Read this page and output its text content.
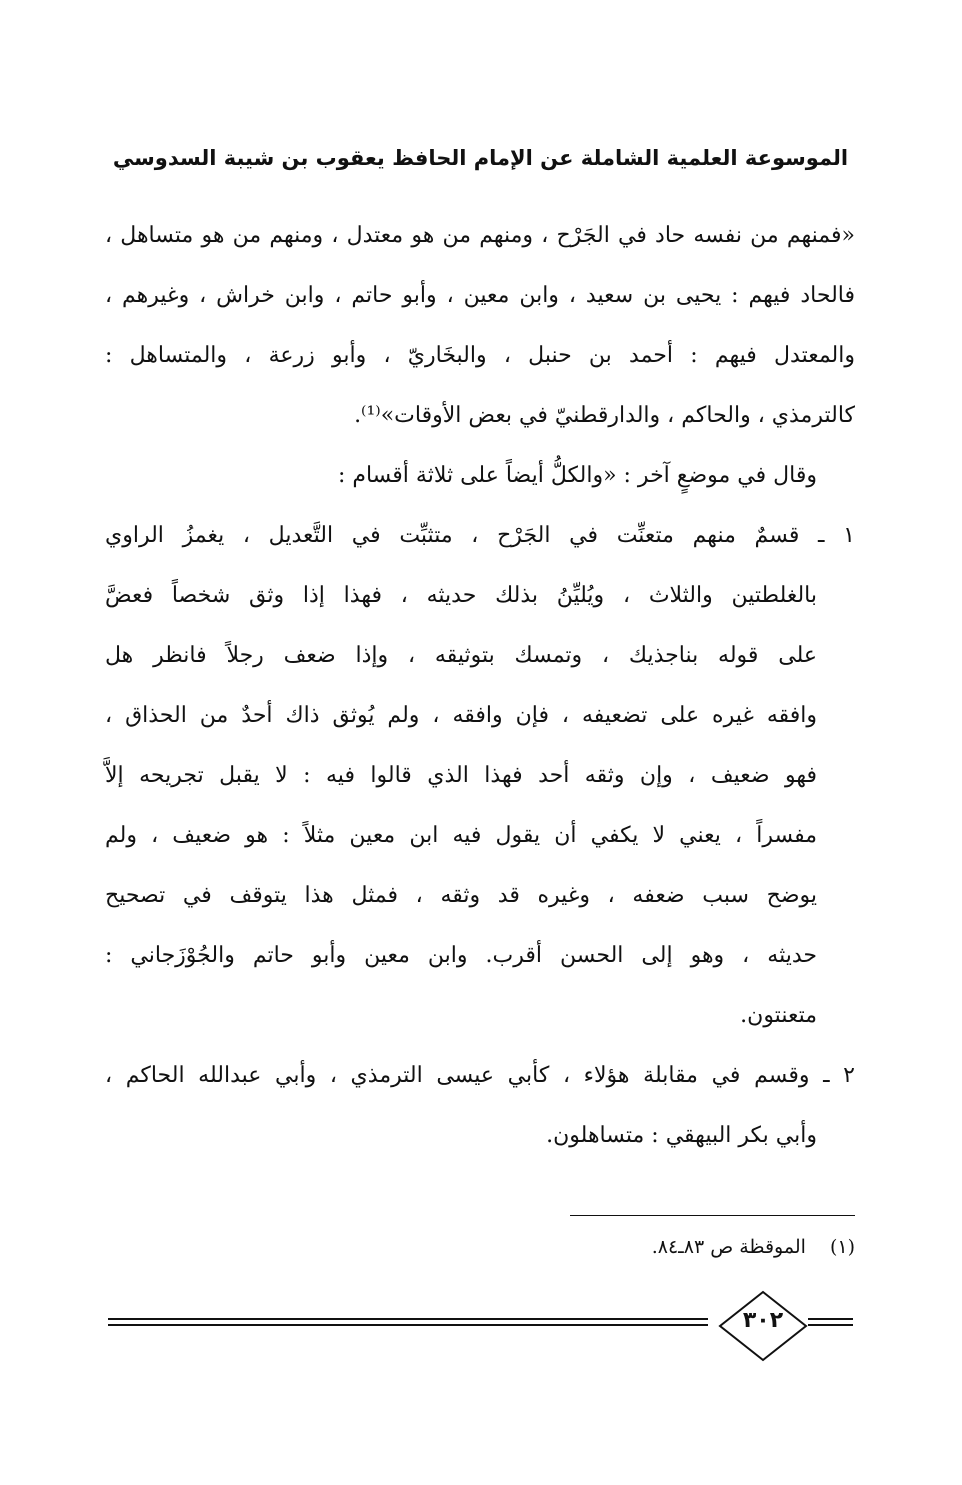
الموسوعة العلمية الشاملة عن الإمام الحافظ يعقوب بن شيبة السدوسي
«فمنهم من نفسه حاد في الجَرْح ، ومنهم من هو معتدل ، ومنهم من هو متساهل ،
فالحاد فيهم : يحيى بن سعيد ، وابن معين ، وأبو حاتم ، وابن خراش ، وغيرهم ،
والمعتدل فيهم : أحمد بن حنبل ، والبخَاريّ ، وأبو زرعة ، والمتساهل :
كالترمذي ، والحاكم ، والدارقطنيّ في بعض الأوقات»⁽¹⁾.
وقال في موضعٍ آخر : «والكلُّ أيضاً على ثلاثة أقسام :
١ ـ قسمٌ منهم متعنِّت في الجَرْح ، متثبِّت في التَّعديل ، يغمزُ الراوي
بالغلطتين والثلاث ، ويُليِّنُ بذلك حديثه ، فهذا إذا وثق شخصاً فعضَّ
على قوله بناجذيك ، وتمسك بتوثيقه ، وإذا ضعف رجلاً فانظر هل
وافقه غيره على تضعيفه ، فإن وافقه ، ولم يُوثق ذاك أحدٌ من الحذاق ،
فهو ضعيف ، وإن وثقه أحد فهذا الذي قالوا فيه : لا يقبل تجريحه إلاَّ
مفسراً ، يعني لا يكفي أن يقول فيه ابن معين مثلاً : هو ضعيف ، ولم
يوضح سبب ضعفه ، وغيره قد وثقه ، فمثل هذا يتوقف في تصحيح
حديثه ، وهو إلى الحسن أقرب. وابن معين وأبو حاتم والجُوْزَجاني :
متعنتون.
٢ ـ وقسم في مقابلة هؤلاء ، كأبي عيسى الترمذي ، وأبي عبدالله الحاكم ،
وأبي بكر البيهقي : متساهلون.
(١)الموقظة ص ٨٣ـ٨٤.
٣٠٢
